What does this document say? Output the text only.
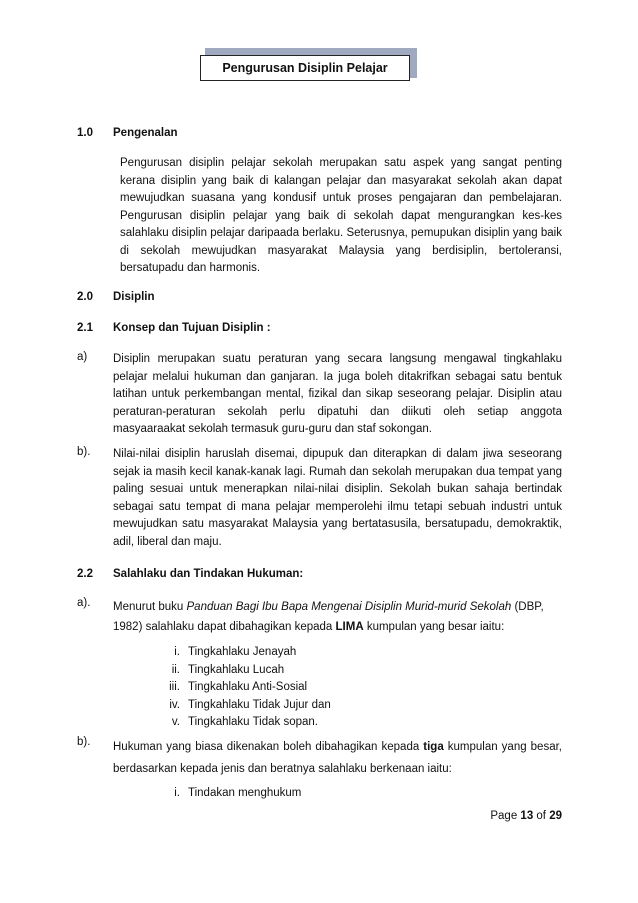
Pengurusan Disiplin Pelajar
1.0 Pengenalan

Pengurusan disiplin pelajar sekolah merupakan satu aspek yang sangat penting kerana disiplin yang baik di kalangan pelajar dan masyarakat sekolah akan dapat mewujudkan suasana yang kondusif untuk proses pengajaran dan pembelajaran. Pengurusan disiplin pelajar yang baik di sekolah dapat mengurangkan kes-kes salahlaku disiplin pelajar daripaada berlaku. Seterusnya, pemupukan disiplin yang baik di sekolah mewujudkan masyarakat Malaysia yang berdisiplin, bertoleransi, bersatupadu dan harmonis.

2.0 Disiplin
2.1 Konsep dan Tujuan Disiplin :
a) Disiplin merupakan suatu peraturan yang secara langsung mengawal tingkahlaku pelajar melalui hukuman dan ganjaran. Ia juga boleh ditakrifkan sebagai satu bentuk latihan untuk perkembangan mental, fizikal dan sikap seseorang pelajar. Disiplin atau peraturan-peraturan sekolah perlu dipatuhi dan diikuti oleh setiap anggota masyaaraakat sekolah termasuk guru-guru dan staf sokongan.

b). Nilai-nilai disiplin haruslah disemai, dipupuk dan diterapkan di dalam jiwa seseorang sejak ia masih kecil kanak-kanak lagi. Rumah dan sekolah merupakan dua tempat yang paling sesuai untuk menerapkan nilai-nilai disiplin. Sekolah bukan sahaja bertindak sebagai satu tempat di mana pelajar memperolehi ilmu tetapi sebuah industri untuk mewujudkan satu masyarakat Malaysia yang bertatasusila, bersatupadu, demokraktik, adil, liberal dan maju.

2.2 Salahlaku dan Tindakan Hukuman:
a). Menurut buku Panduan Bagi Ibu Bapa Mengenai Disiplin Murid-murid Sekolah (DBP, 1982) salahlaku dapat dibahagikan kepada LIMA kumpulan yang besar iaitu:

i. Tingkahlaku Jenayah
ii. Tingkahlaku Lucah
iii. Tingkahlaku Anti-Sosial
iv. Tingkahlaku Tidak Jujur dan
v. Tingkahlaku Tidak sopan.
b). Hukuman yang biasa dikenakan boleh dibahagikan kepada tiga kumpulan yang besar, berdasarkan kepada jenis dan beratnya salahlaku berkenaan iaitu:

i. Tindakan menghukum
Page 13 of 29
